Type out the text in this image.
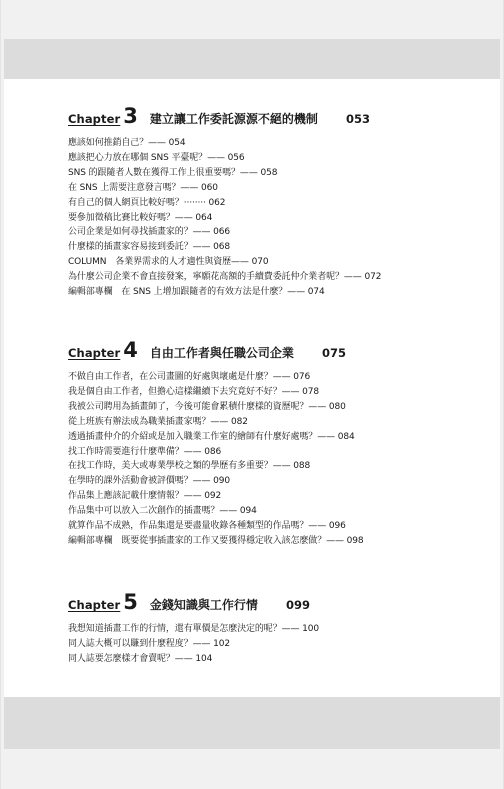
Chapter 3 建立讓工作委託源源不絕的機制 053
應該如何推銷自己？—— 054
應該把心力放在哪個 SNS 平臺呢？—— 056
SNS 的跟隨者人數在獲得工作上很重要嗎？—— 058
在 SNS 上需要注意發言嗎？—— 060
有自己的個人網頁比較好嗎？········ 062
要參加徵稿比賽比較好嗎？—— 064
公司企業是如何尋找插畫家的？—— 066
什麼樣的插畫家容易接到委託？—— 068
COLUMN　各業界需求的人才適性與資歷—— 070
為什麼公司企業不會直接發案，寧願花高額的手續費委託仲介業者呢？—— 072
編輯部專欄　在 SNS 上增加跟隨者的有效方法是什麼？—— 074
Chapter 4 自由工作者與任職公司企業 075
不做自由工作者，在公司畫圖的好處與壞處是什麼？—— 076
我是個自由工作者，但擔心這樣繼續下去究竟好不好？—— 078
我被公司聘用為插畫師了，今後可能會累積什麼樣的資歷呢？—— 080
從上班族有辦法成為職業插畫家嗎？—— 082
透過插畫仲介的介紹或是加入職業工作室的繪師有什麼好處嗎？—— 084
找工作時需要進行什麼準備？—— 086
在找工作時，美大或專業學校之類的學歷有多重要？—— 088
在學時的課外活動會被評價嗎？—— 090
作品集上應該記載什麼情報？—— 092
作品集中可以放入二次創作的插畫嗎？—— 094
就算作品不成熟，作品集還是要盡量收錄各種類型的作品嗎？—— 096
編輯部專欄　既要從事插畫家的工作又要獲得穩定收入該怎麼做？—— 098
Chapter 5 金錢知識與工作行情 099
我想知道插畫工作的行情，還有單價是怎麼決定的呢？—— 100
同人誌大概可以賺到什麼程度？—— 102
同人誌要怎麼樣才會賣呢？—— 104
